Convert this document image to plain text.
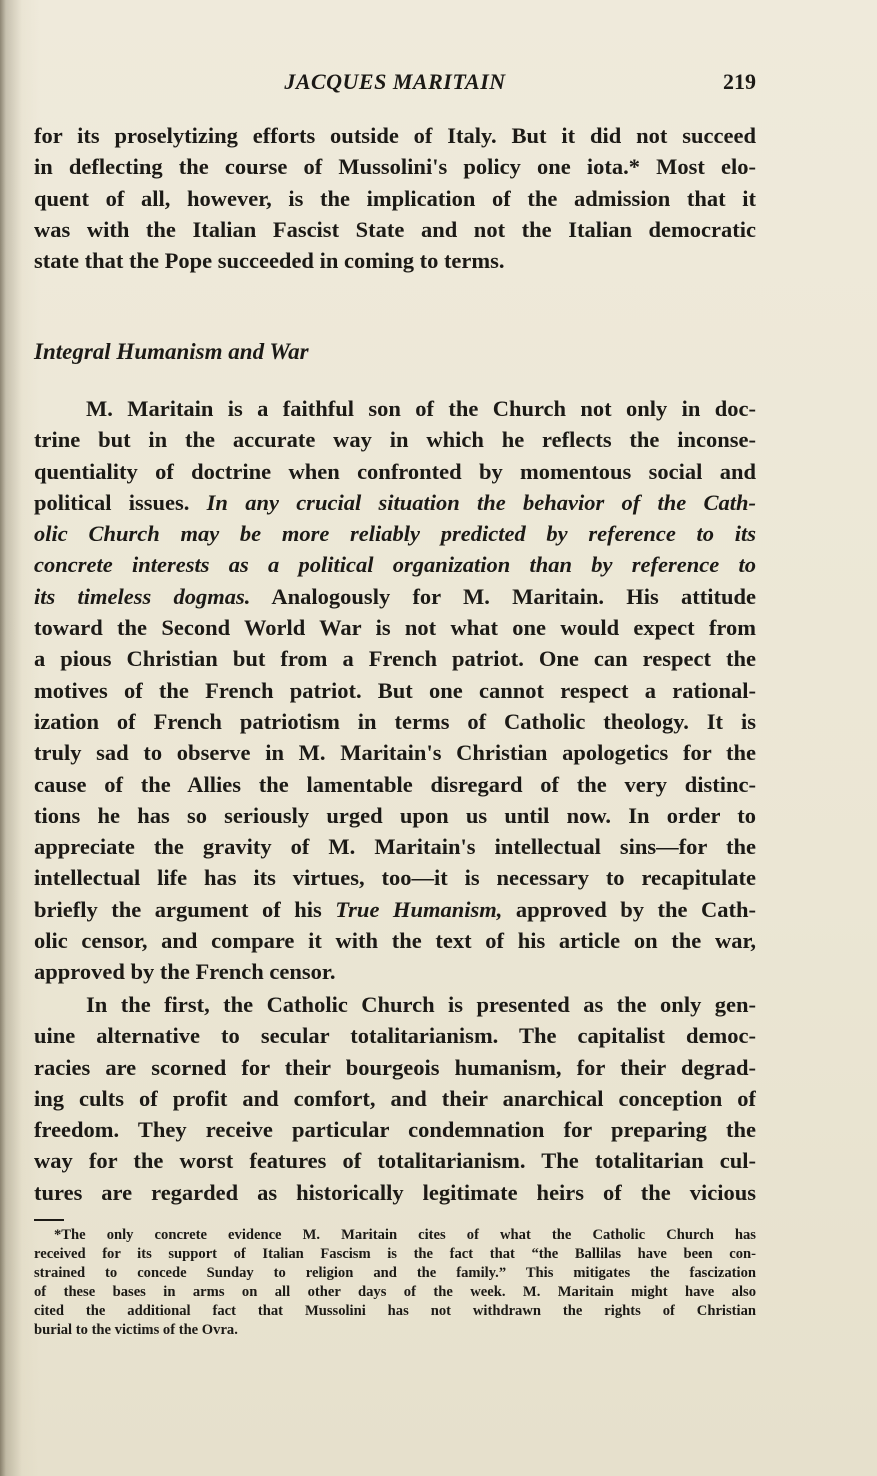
JACQUES MARITAIN	219
for its proselytizing efforts outside of Italy. But it did not succeed
in deflecting the course of Mussolini's policy one iota.* Most elo-
quent of all, however, is the implication of the admission that it
was with the Italian Fascist State and not the Italian democratic
state that the Pope succeeded in coming to terms.
Integral Humanism and War
M. Maritain is a faithful son of the Church not only in doc-
trine but in the accurate way in which he reflects the inconse-
quentiality of doctrine when confronted by momentous social and
political issues. In any crucial situation the behavior of the Cath-
olic Church may be more reliably predicted by reference to its
concrete interests as a political organization than by reference to
its timeless dogmas. Analogously for M. Maritain. His attitude
toward the Second World War is not what one would expect from
a pious Christian but from a French patriot. One can respect the
motives of the French patriot. But one cannot respect a rational-
ization of French patriotism in terms of Catholic theology. It is
truly sad to observe in M. Maritain's Christian apologetics for the
cause of the Allies the lamentable disregard of the very distinc-
tions he has so seriously urged upon us until now. In order to
appreciate the gravity of M. Maritain's intellectual sins—for the
intellectual life has its virtues, too—it is necessary to recapitulate
briefly the argument of his True Humanism, approved by the Cath-
olic censor, and compare it with the text of his article on the war,
approved by the French censor.
In the first, the Catholic Church is presented as the only gen-
uine alternative to secular totalitarianism. The capitalist democ-
racies are scorned for their bourgeois humanism, for their degrad-
ing cults of profit and comfort, and their anarchical conception of
freedom. They receive particular condemnation for preparing the
way for the worst features of totalitarianism. The totalitarian cul-
tures are regarded as historically legitimate heirs of the vicious
*The only concrete evidence M. Maritain cites of what the Catholic Church has
received for its support of Italian Fascism is the fact that “the Ballilas have been con-
strained to concede Sunday to religion and the family.” This mitigates the fascization
of these bases in arms on all other days of the week. M. Maritain might have also
cited the additional fact that Mussolini has not withdrawn the rights of Christian
burial to the victims of the Ovra.
